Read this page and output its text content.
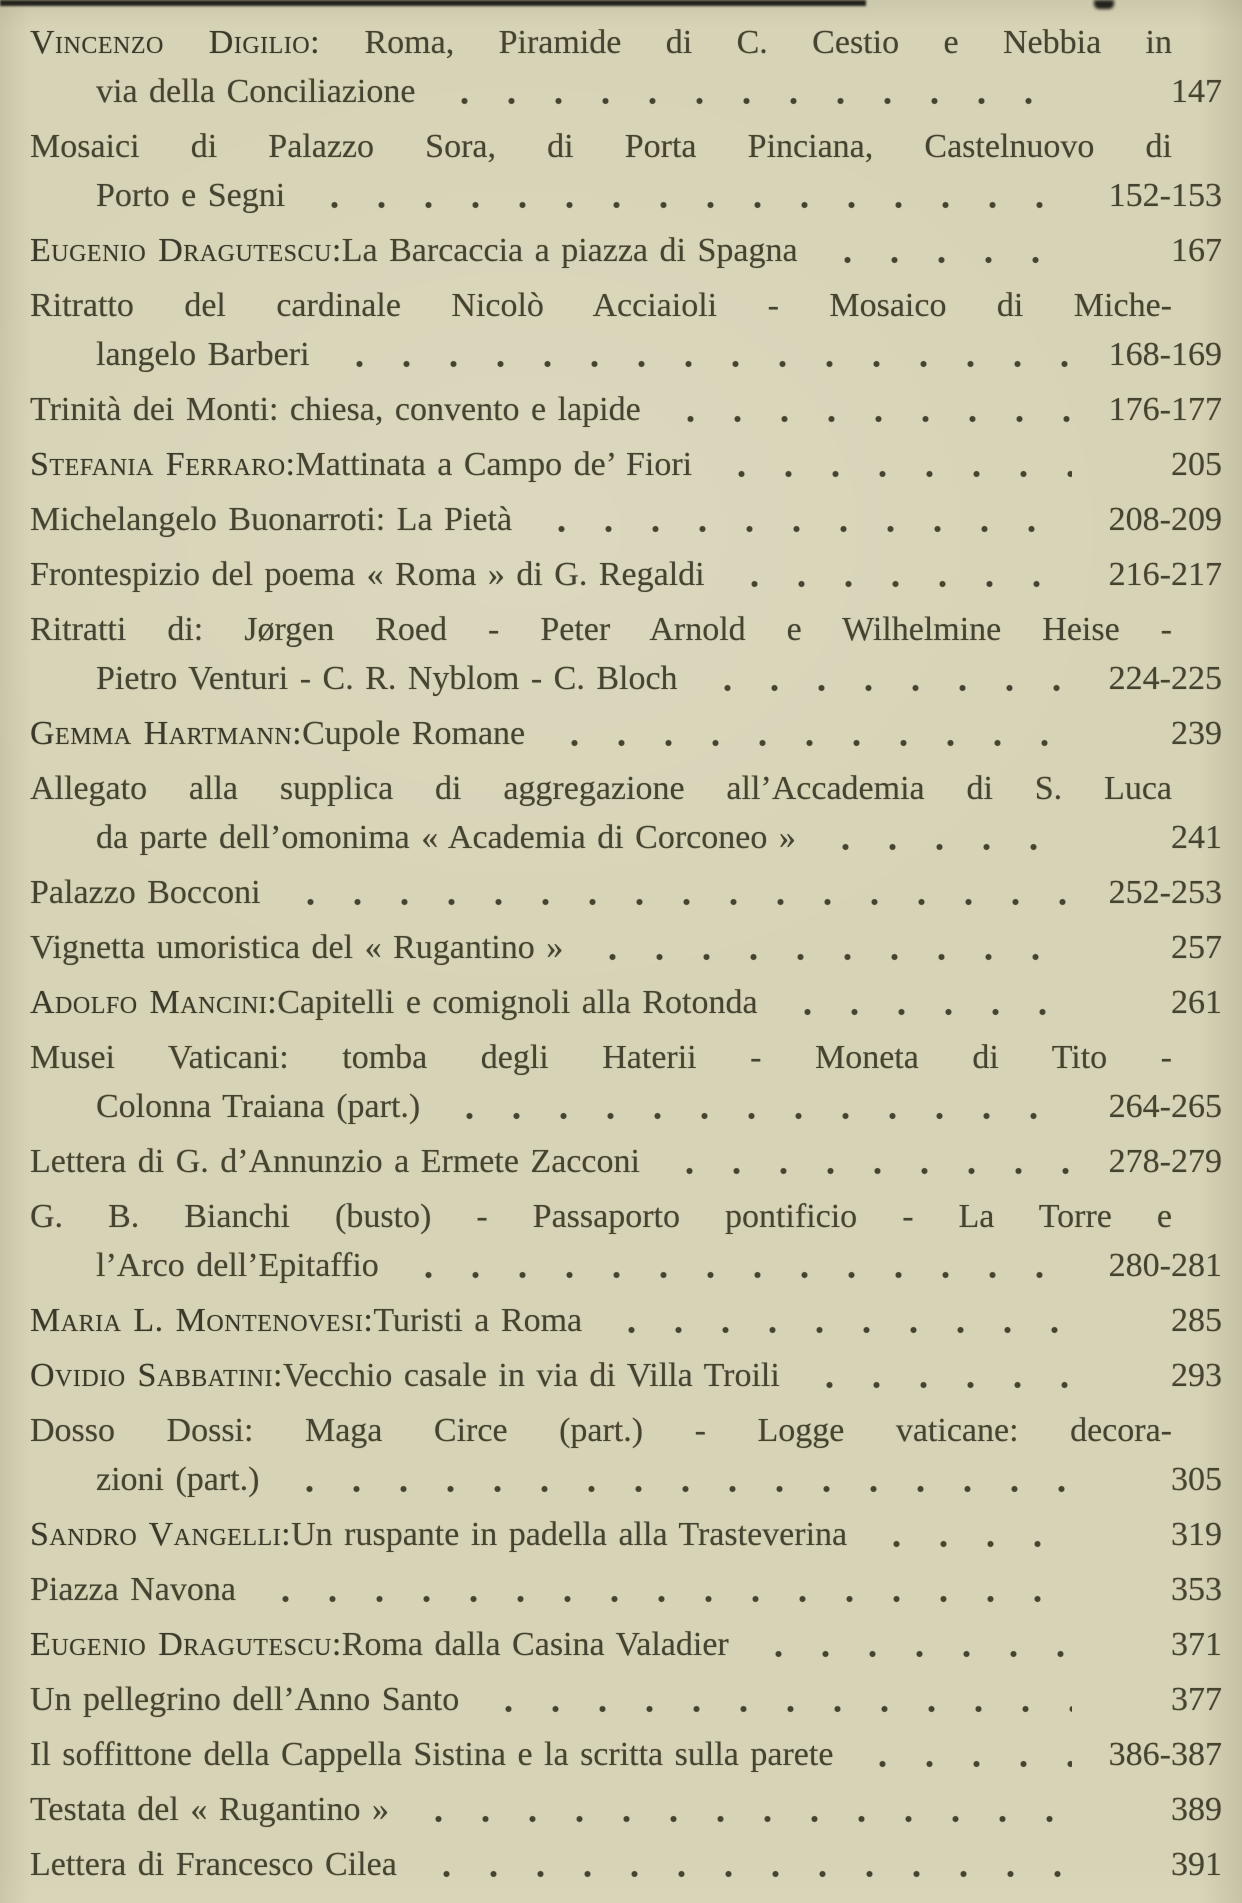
Vincenzo Digilio: Roma, Piramide di C. Cestio e Nebbia in
via della Conciliazione	147
Mosaici di Palazzo Sora, di Porta Pinciana, Castelnuovo di
Porto e Segni	152-153
Eugenio Dragutescu: La Barcaccia a piazza di Spagna	167
Ritratto del cardinale Nicolò Acciaioli - Mosaico di Miche-
langelo Barberi	168-169
Trinità dei Monti: chiesa, convento e lapide	176-177
Stefania Ferraro: Mattinata a Campo de’ Fiori	205
Michelangelo Buonarroti: La Pietà	208-209
Frontespizio del poema « Roma » di G. Regaldi	216-217
Ritratti di: Jørgen Roed - Peter Arnold e Wilhelmine Heise -
Pietro Venturi - C. R. Nyblom - C. Bloch	224-225
Gemma Hartmann: Cupole Romane	239
Allegato alla supplica di aggregazione all’Accademia di S. Luca
da parte dell’omonima « Academia di Corconeo »	241
Palazzo Bocconi	252-253
Vignetta umoristica del « Rugantino »	257
Adolfo Mancini: Capitelli e comignoli alla Rotonda	261
Musei Vaticani: tomba degli Haterii - Moneta di Tito -
Colonna Traiana (part.)	264-265
Lettera di G. d’Annunzio a Ermete Zacconi	278-279
G. B. Bianchi (busto) - Passaporto pontificio - La Torre e
l’Arco dell’Epitaffio	280-281
Maria L. Montenovesi: Turisti a Roma	285
Ovidio Sabbatini: Vecchio casale in via di Villa Troili	293
Dosso Dossi: Maga Circe (part.) - Logge vaticane: decora-
zioni (part.)	305
Sandro Vangelli: Un ruspante in padella alla Trasteverina	319
Piazza Navona	353
Eugenio Dragutescu: Roma dalla Casina Valadier	371
Un pellegrino dell’Anno Santo	377
Il soffittone della Cappella Sistina e la scritta sulla parete	386-387
Testata del « Rugantino »	389
Lettera di Francesco Cilea	391
